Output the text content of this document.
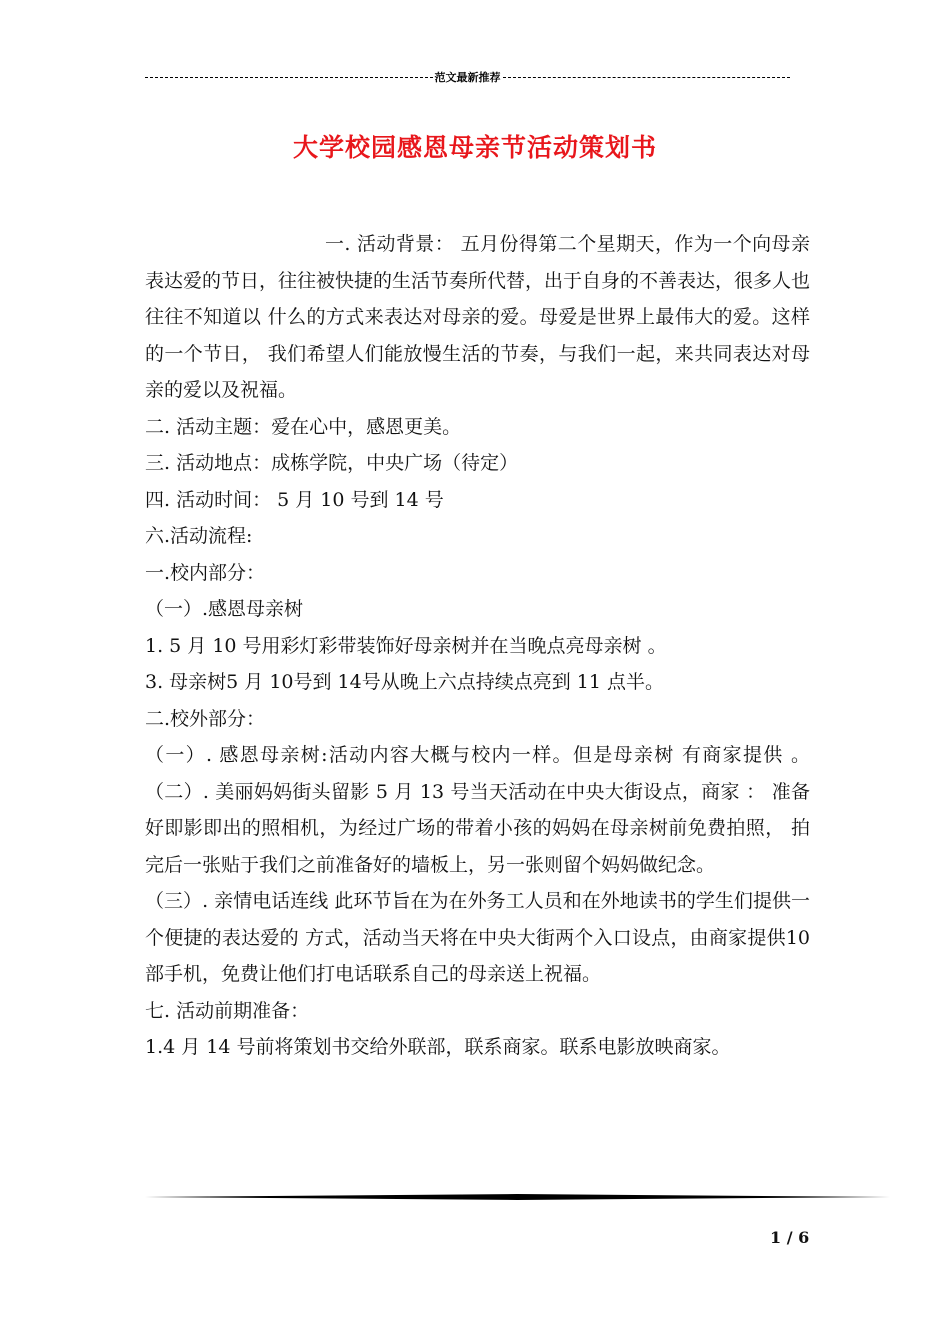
范文最新推荐
大学校园感恩母亲节活动策划书

一. 活动背景： 五月份得第二个星期天，作为一个向母亲表达爱的节日，往往被快捷的生活节奏所代替，出于自身的不善表达，很多人也往往不知道以 什么的方式来表达对母亲的爱。母爱是世界上最伟大的爱。这样的一个节日， 我们希望人们能放慢生活的节奏，与我们一起，来共同表达对母亲的爱以及祝福。

二. 活动主题：爱在心中，感恩更美。

三. 活动地点：成栋学院，中央广场（待定）

四. 活动时间： 5 月 10 号到 14 号

六.活动流程:

一.校内部分：

（一）.感恩母亲树

1. 5 月 10 号用彩灯彩带装饰好母亲树并在当晚点亮母亲树 。

3. 母亲树5 月 10号到 14号从晚上六点持续点亮到 11 点半。

二.校外部分：

（一）. 感恩母亲树:活动内容大概与校内一样。但是母亲树 有商家提供 。 （二）. 美丽妈妈街头留影 5 月 13 号当天活动在中央大街设点，商家 ： 准备好即影即出的照相机，为经过广场的带着小孩的妈妈在母亲树前免费拍照， 拍完后一张贴于我们之前准备好的墙板上，另一张则留个妈妈做纪念。

（三）. 亲情电话连线 此环节旨在为在外务工人员和在外地读书的学生们提供一个便捷的表达爱的 方式，活动当天将在中央大街两个入口设点，由商家提供10 部手机，免费让他们打电话联系自己的母亲送上祝福。

七. 活动前期准备：

1.4 月 14 号前将策划书交给外联部，联系商家。联系电影放映商家。

1 / 6
